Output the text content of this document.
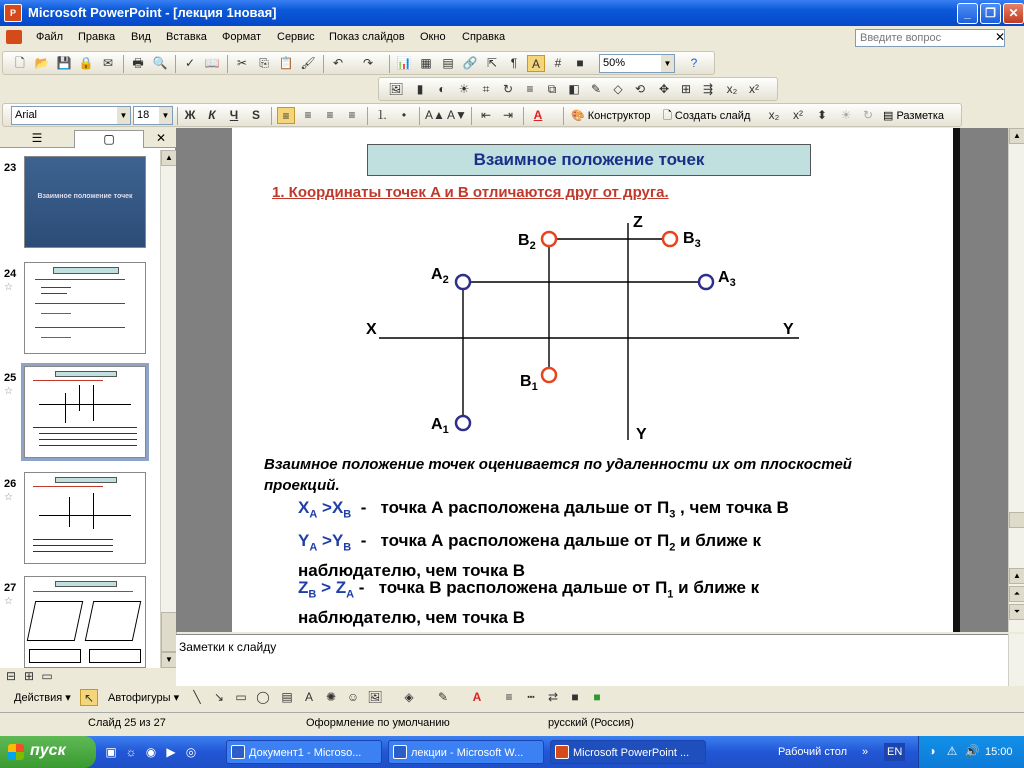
P Microsoft PowerPoint - [лекция 1новая]	_	❐	✕
Файл Правка Вид Вставка Формат Сервис Показ слайдов Окно Справка	Введите вопрос	✕
🗋 📂 💾 🔒 ✉	🖶 🔍	✓ 📖	✂	⎘ 📋 🖌	↶	↷	📊 ▦ ▤ 🔗 ⇱	¶	A	#	■	50%	▼	?
🖼	▮	◐	☀	⌗	↻	≡	⧉	◧ ✎	◇	⟲	✥ ⊞ ⇶	x₂ x²
Arial	▼ 18	▼ Ж	К	Ч	S	≡	≡	≡	≡	⒈	•	A▲ A▼	⇤ ⇥	A	🎨 Конструктор 🗋 Создать слайд	x₂	x²	⬍	☀ ↻ ▤ Разметка
☰	▢	✕
23
Взаимное положение точек
24
☆
25
☆
26
☆
27
☆
▲
▼
Взаимное положение точек
1. Координаты точек A и B отличаются друг от друга.
X	Y
Z
Y
$B_2$	$B_3$
$A_2$	$A_3$
$B_1$
$A_1$
Взаимное положение точек оценивается по удаленности их от плоскостей проекций.
$X_A >X_B$  -   точка А расположена дальше от $П_3$ , чем точка В
$Y_A >Y_B$  -   точка А расположена дальше от $П_2$ и ближе к наблюдателю, чем точка В
$Z_B > Z_A$ -   точка В расположена дальше от $П_1$ и ближе к наблюдателю, чем точка В
▲
▲
⏶
⏷
Заметки к слайду
⊟ ⊞ ▭
Действия ▾	↖	Автофигуры ▾	╲	↘ ▭ ◯ ▤	A	✺ ☺ 🖼	◈	✎	A	≡	┅	⇄	■	■
Слайд 25 из 27	Оформление по умолчанию	русский (Россия)
пуск	▣ ☼ ◉ ▶ ◎	Документ1 - Microso...	лекции - Microsoft W...	Microsoft PowerPoint ...	Рабочий стол » EN	◑ ⚠ 🔊 15:00
